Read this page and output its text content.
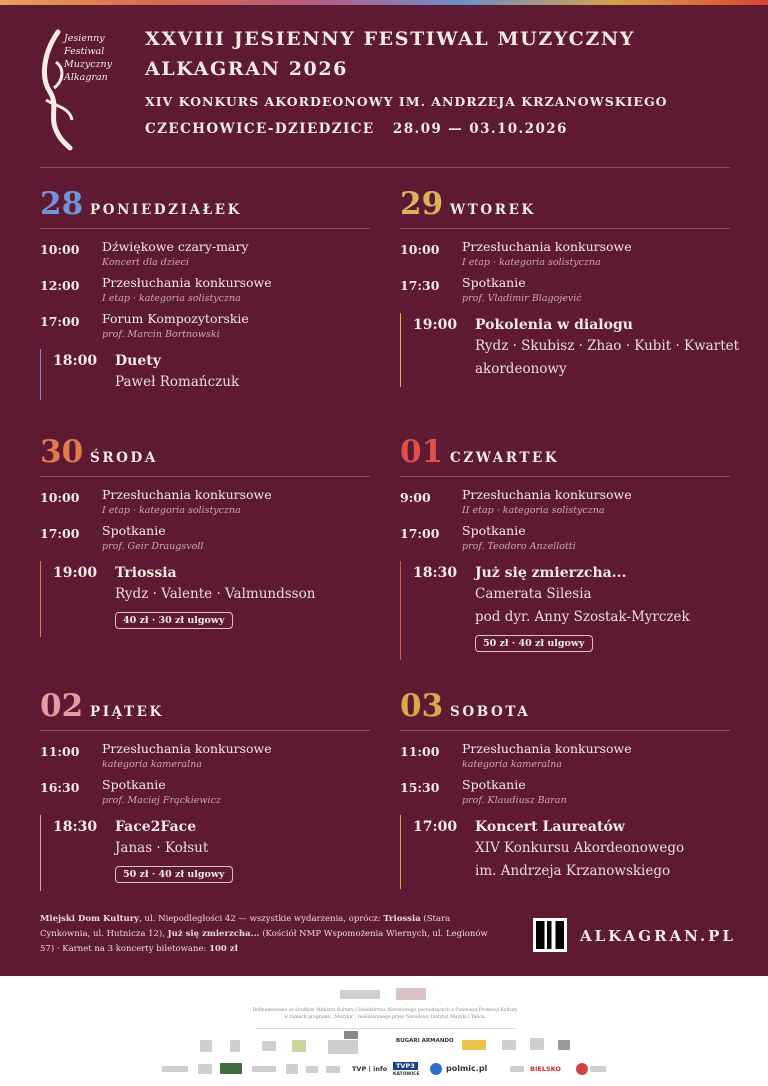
Jesienny
Festiwal
Muzyczny
Alkagran
XXVIII JESIENNY FESTIWAL MUZYCZNY
ALKAGRAN 2026
XIV KONKURS AKORDEONOWY IM. ANDRZEJA KRZANOWSKIEGO
CZECHOWICE-DZIEDZICE 28.09 — 03.10.2026
28 PONIEDZIAŁEK
10:00 Dźwiękowe czary-mary
Koncert dla dzieci
12:00 Przesłuchania konkursowe
I etap · kategoria solistyczna
17:00 Forum Kompozytorskie
prof. Marcin Bortnowski
18:00 Duety
Paweł Romańczuk
29 WTOREK
10:00 Przesłuchania konkursowe
I etap · kategoria solistyczna
17:30 Spotkanie
prof. Vladimir Blagojević
19:00 Pokolenia w dialogu
Rydz · Skubisz · Zhao · Kubit · Kwartet
akordeonowy
30 ŚRODA
10:00 Przesłuchania konkursowe
I etap · kategoria solistyczna
17:00 Spotkanie
prof. Geir Draugsvoll
19:00 Triossia
Rydz · Valente · Valmundsson
40 zł · 30 zł ulgowy
01 CZWARTEK
9:00	Przesłuchania konkursowe
II etap · kategoria solistyczna
17:00 Spotkanie
prof. Teodoro Anzellotti
18:30 Już się zmierzcha...
Camerata Silesia
pod dyr. Anny Szostak-Myrczek
50 zł · 40 zł ulgowy
02 PIĄTEK
11:00 Przesłuchania konkursowe
kategoria kameralna
16:30 Spotkanie
prof. Maciej Frąckiewicz
18:30 Face2Face
Janas · Kołsut
50 zł · 40 zł ulgowy
03 SOBOTA
11:00 Przesłuchania konkursowe
kategoria kameralna
15:30 Spotkanie
prof. Klaudiusz Baran
17:00 Koncert Laureatów
XIV Konkursu Akordeonowego
im. Andrzeja Krzanowskiego
Miejski Dom Kultury, ul. Niepodległości 42 — wszystkie wydarzenia, oprócz: Triossia (Stara Cynkownia, ul. Hutnicza 12), Już się zmierzcha... (Kościół NMP Wspomożenia Wiernych, ul. Legionów 57) · Karnet na 3 koncerty biletowane: 100 zł
ALKAGRAN.PL
Dofinansowano ze środków Ministra Kultury i Dziedzictwa Narodowego pochodzących z Funduszu Promocji Kultury w ramach programu „Muzyka”, realizowanego przez Narodowy Instytut Muzyki i Tańca.
BUGARI ARMANDO
TVP | info	TVP3
KATOWICE
polmic.pl	BIELSKO
